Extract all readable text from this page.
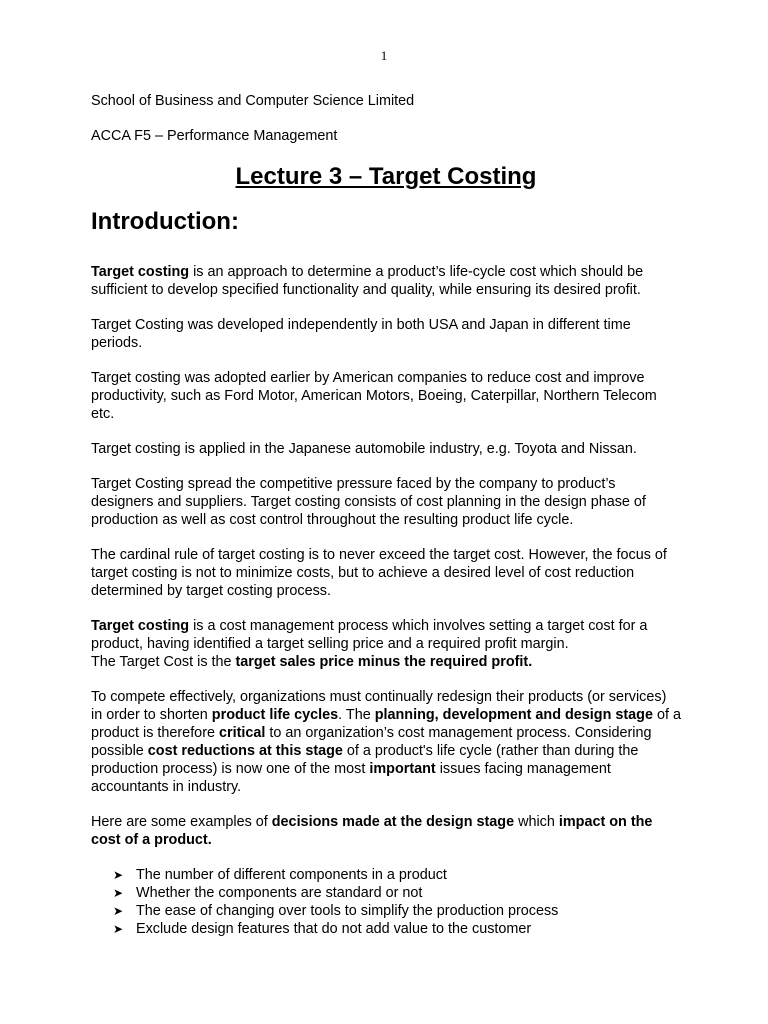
1

School of Business and Computer Science Limited

ACCA F5 – Performance Management

Lecture 3 – Target Costing
Introduction:

Target costing is an approach to determine a product’s life-cycle cost which should be sufficient to develop specified functionality and quality, while ensuring its desired profit.

Target Costing was developed independently in both USA and Japan in different time periods.

Target costing was adopted earlier by American companies to reduce cost and improve productivity, such as Ford Motor, American Motors, Boeing, Caterpillar, Northern Telecom etc.

Target costing is applied in the Japanese automobile industry, e.g. Toyota and Nissan.

Target Costing spread the competitive pressure faced by the company to product’s designers and suppliers. Target costing consists of cost planning in the design phase of production as well as cost control throughout the resulting product life cycle.

The cardinal rule of target costing is to never exceed the target cost. However, the focus of target costing is not to minimize costs, but to achieve a desired level of cost reduction determined by target costing process.

Target costing is a cost management process which involves setting a target cost for a product, having identified a target selling price and a required profit margin.
The Target Cost is the target sales price minus the required profit.

To compete effectively, organizations must continually redesign their products (or services) in order to shorten product life cycles. The planning, development and design stage of a product is therefore critical to an organization’s cost management process. Considering possible cost reductions at this stage of a product's life cycle (rather than during the production process) is now one of the most important issues facing management accountants in industry.

Here are some examples of decisions made at the design stage which impact on the cost of a product.

➤ The number of different components in a product
➤ Whether the components are standard or not
➤ The ease of changing over tools to simplify the production process
➤ Exclude design features that do not add value to the customer
